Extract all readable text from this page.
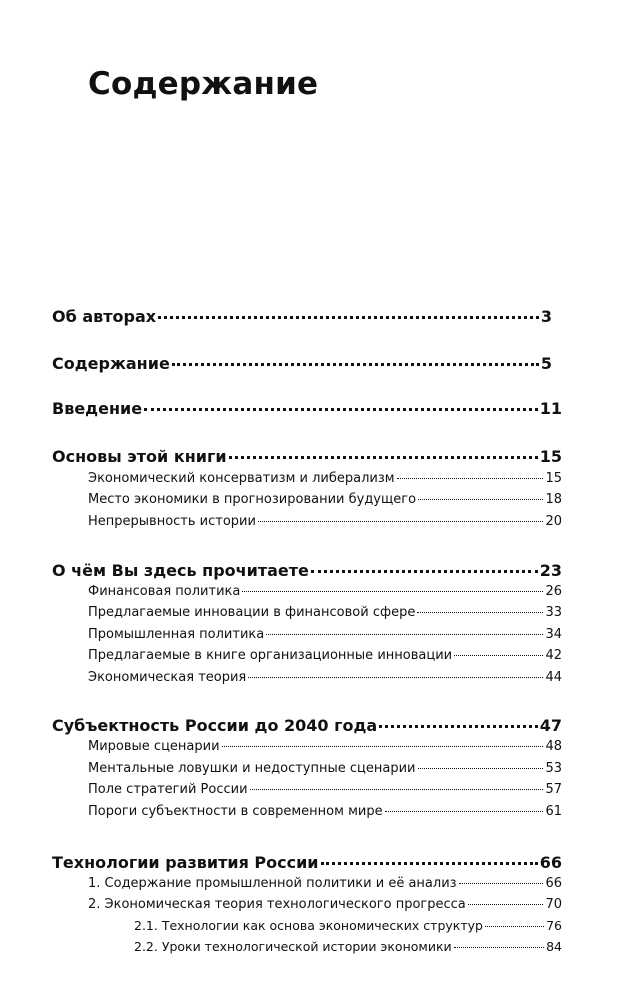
Содержание
Об авторах	3
Содержание	5
Введение	11
Основы этой книги	15
Экономический консерватизм и либерализм	15
Место экономики в прогнозировании будущего	18
Непрерывность истории	20
О чём Вы здесь прочитаете	23
Финансовая политика	26
Предлагаемые инновации в финансовой сфере	33
Промышленная политика	34
Предлагаемые в книге организационные инновации	42
Экономическая теория	44
Субъектность России до 2040 года	47
Мировые сценарии	48
Ментальные ловушки и недоступные сценарии	53
Поле стратегий России	57
Пороги субъектности в современном мире	61
Технологии развития России	66
1. Содержание промышленной политики и её анализ	66
2. Экономическая теория технологического прогресса	70
2.1. Технологии как основа экономических структур	76
2.2. Уроки технологической истории экономики	84
